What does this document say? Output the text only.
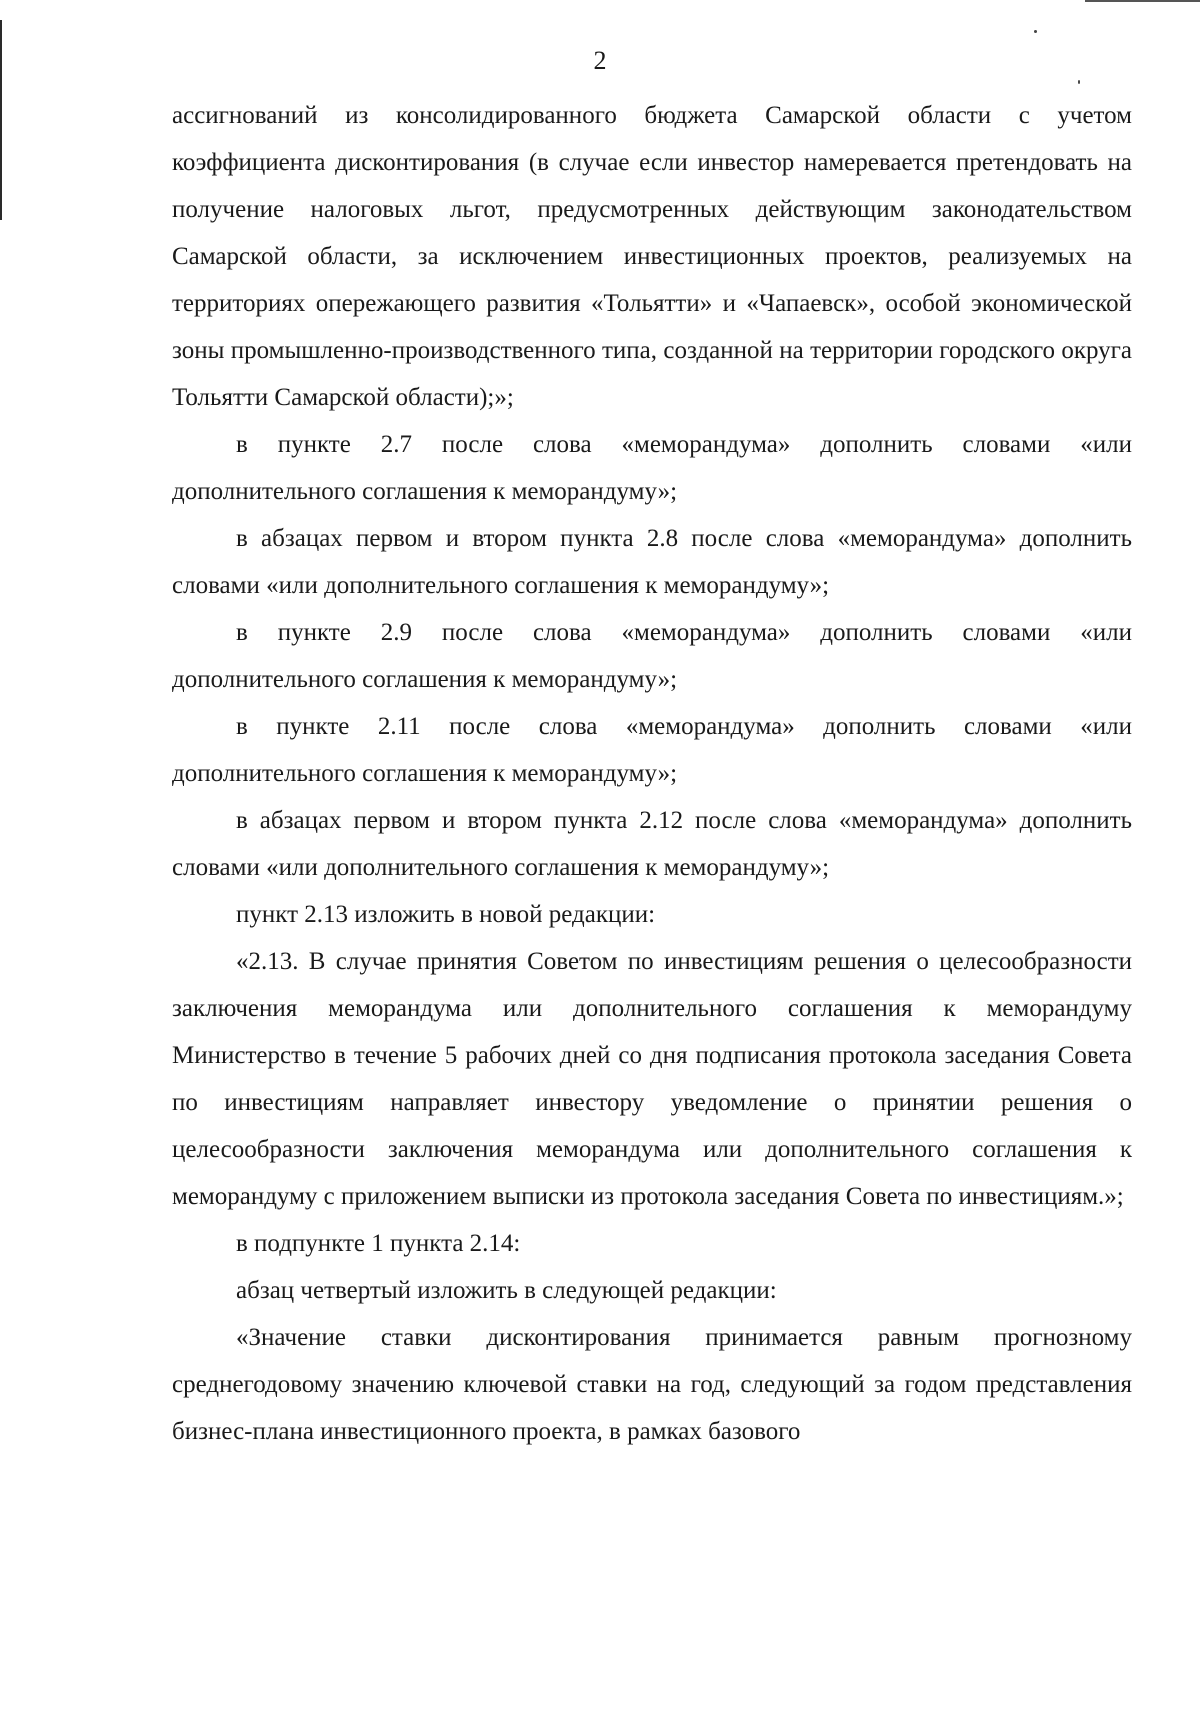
2

ассигнований из консолидированного бюджета Самарской области с учетом коэффициента дисконтирования (в случае если инвестор намеревается претендовать на получение налоговых льгот, предусмотренных действующим законодательством Самарской области, за исключением инвестиционных проектов, реализуемых на территориях опережающего развития «Тольятти» и «Чапаевск», особой экономической зоны промышленно-производственного типа, созданной на территории городского округа Тольятти Самарской области);»;

в пункте 2.7 после слова «меморандума» дополнить словами «или дополнительного соглашения к меморандуму»;

в абзацах первом и втором пункта 2.8 после слова «меморандума» дополнить словами «или дополнительного соглашения к меморандуму»;

в пункте 2.9 после слова «меморандума» дополнить словами «или дополнительного соглашения к меморандуму»;

в пункте 2.11 после слова «меморандума» дополнить словами «или дополнительного соглашения к меморандуму»;

в абзацах первом и втором пункта 2.12 после слова «меморандума» дополнить словами «или дополнительного соглашения к меморандуму»;

пункт 2.13 изложить в новой редакции:

«2.13. В случае принятия Советом по инвестициям решения о целесообразности заключения меморандума или дополнительного соглашения к меморандуму Министерство в течение 5 рабочих дней со дня подписания протокола заседания Совета по инвестициям направляет инвестору уведомление о принятии решения о целесообразности заключения меморандума или дополнительного соглашения к меморандуму с приложением выписки из протокола заседания Совета по инвестициям.»;

в подпункте 1 пункта 2.14:

абзац четвертый изложить в следующей редакции:

«Значение ставки дисконтирования принимается равным прогнозному среднегодовому значению ключевой ставки на год, следующий за годом представления бизнес-плана инвестиционного проекта, в рамках базового
